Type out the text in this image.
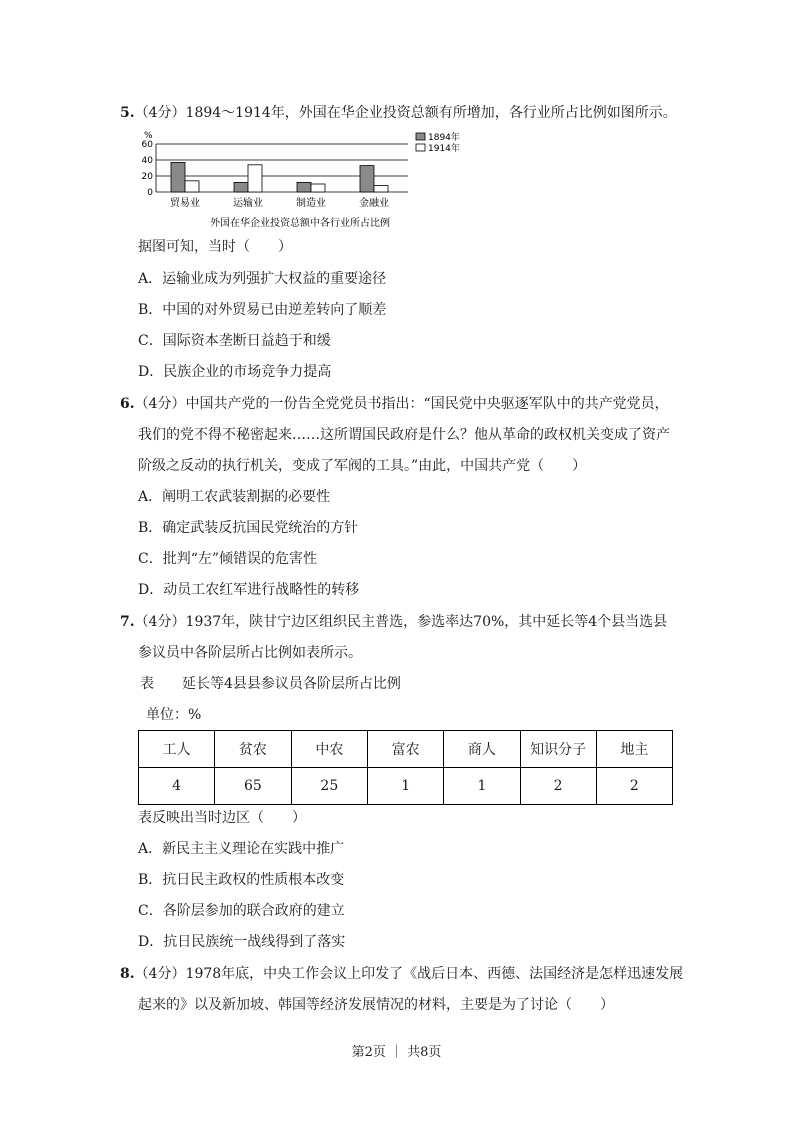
5.（4分）1894～1914年，外国在华企业投资总额有所增加，各行业所占比例如图所示。
%
0
20
40
60
贸易业	运输业	制造业	金融业
1894年
1914年
外国在华企业投资总额中各行业所占比例
据图可知，当时（　　）
A．运输业成为列强扩大权益的重要途径
B．中国的对外贸易已由逆差转向了顺差
C．国际资本垄断日益趋于和缓
D．民族企业的市场竞争力提高
6.（4分）中国共产党的一份告全党党员书指出：“国民党中央驱逐军队中的共产党党员，
我们的党不得不秘密起来……这所谓国民政府是什么？他从革命的政权机关变成了资产
阶级之反动的执行机关，变成了军阀的工具。”由此，中国共产党（　　）
A．阐明工农武装割据的必要性
B．确定武装反抗国民党统治的方针
C．批判“左”倾错误的危害性
D．动员工农红军进行战略性的转移
7.（4分）1937年，陕甘宁边区组织民主普选，参选率达70%，其中延长等4个县当选县
参议员中各阶层所占比例如表所示。
表　　延长等4县县参议员各阶层所占比例
单位：%
工人	贫农	中农	富农	商人	知识分子	地主
4	65	25	1	1	2	2
表反映出当时边区（　　）
A．新民主主义理论在实践中推广
B．抗日民主政权的性质根本改变
C．各阶层参加的联合政府的建立
D．抗日民族统一战线得到了落实
8.（4分）1978年底，中央工作会议上印发了《战后日本、西德、法国经济是怎样迅速发展
起来的》以及新加坡、韩国等经济发展情况的材料，主要是为了讨论（　　）
第2页 ｜ 共8页
